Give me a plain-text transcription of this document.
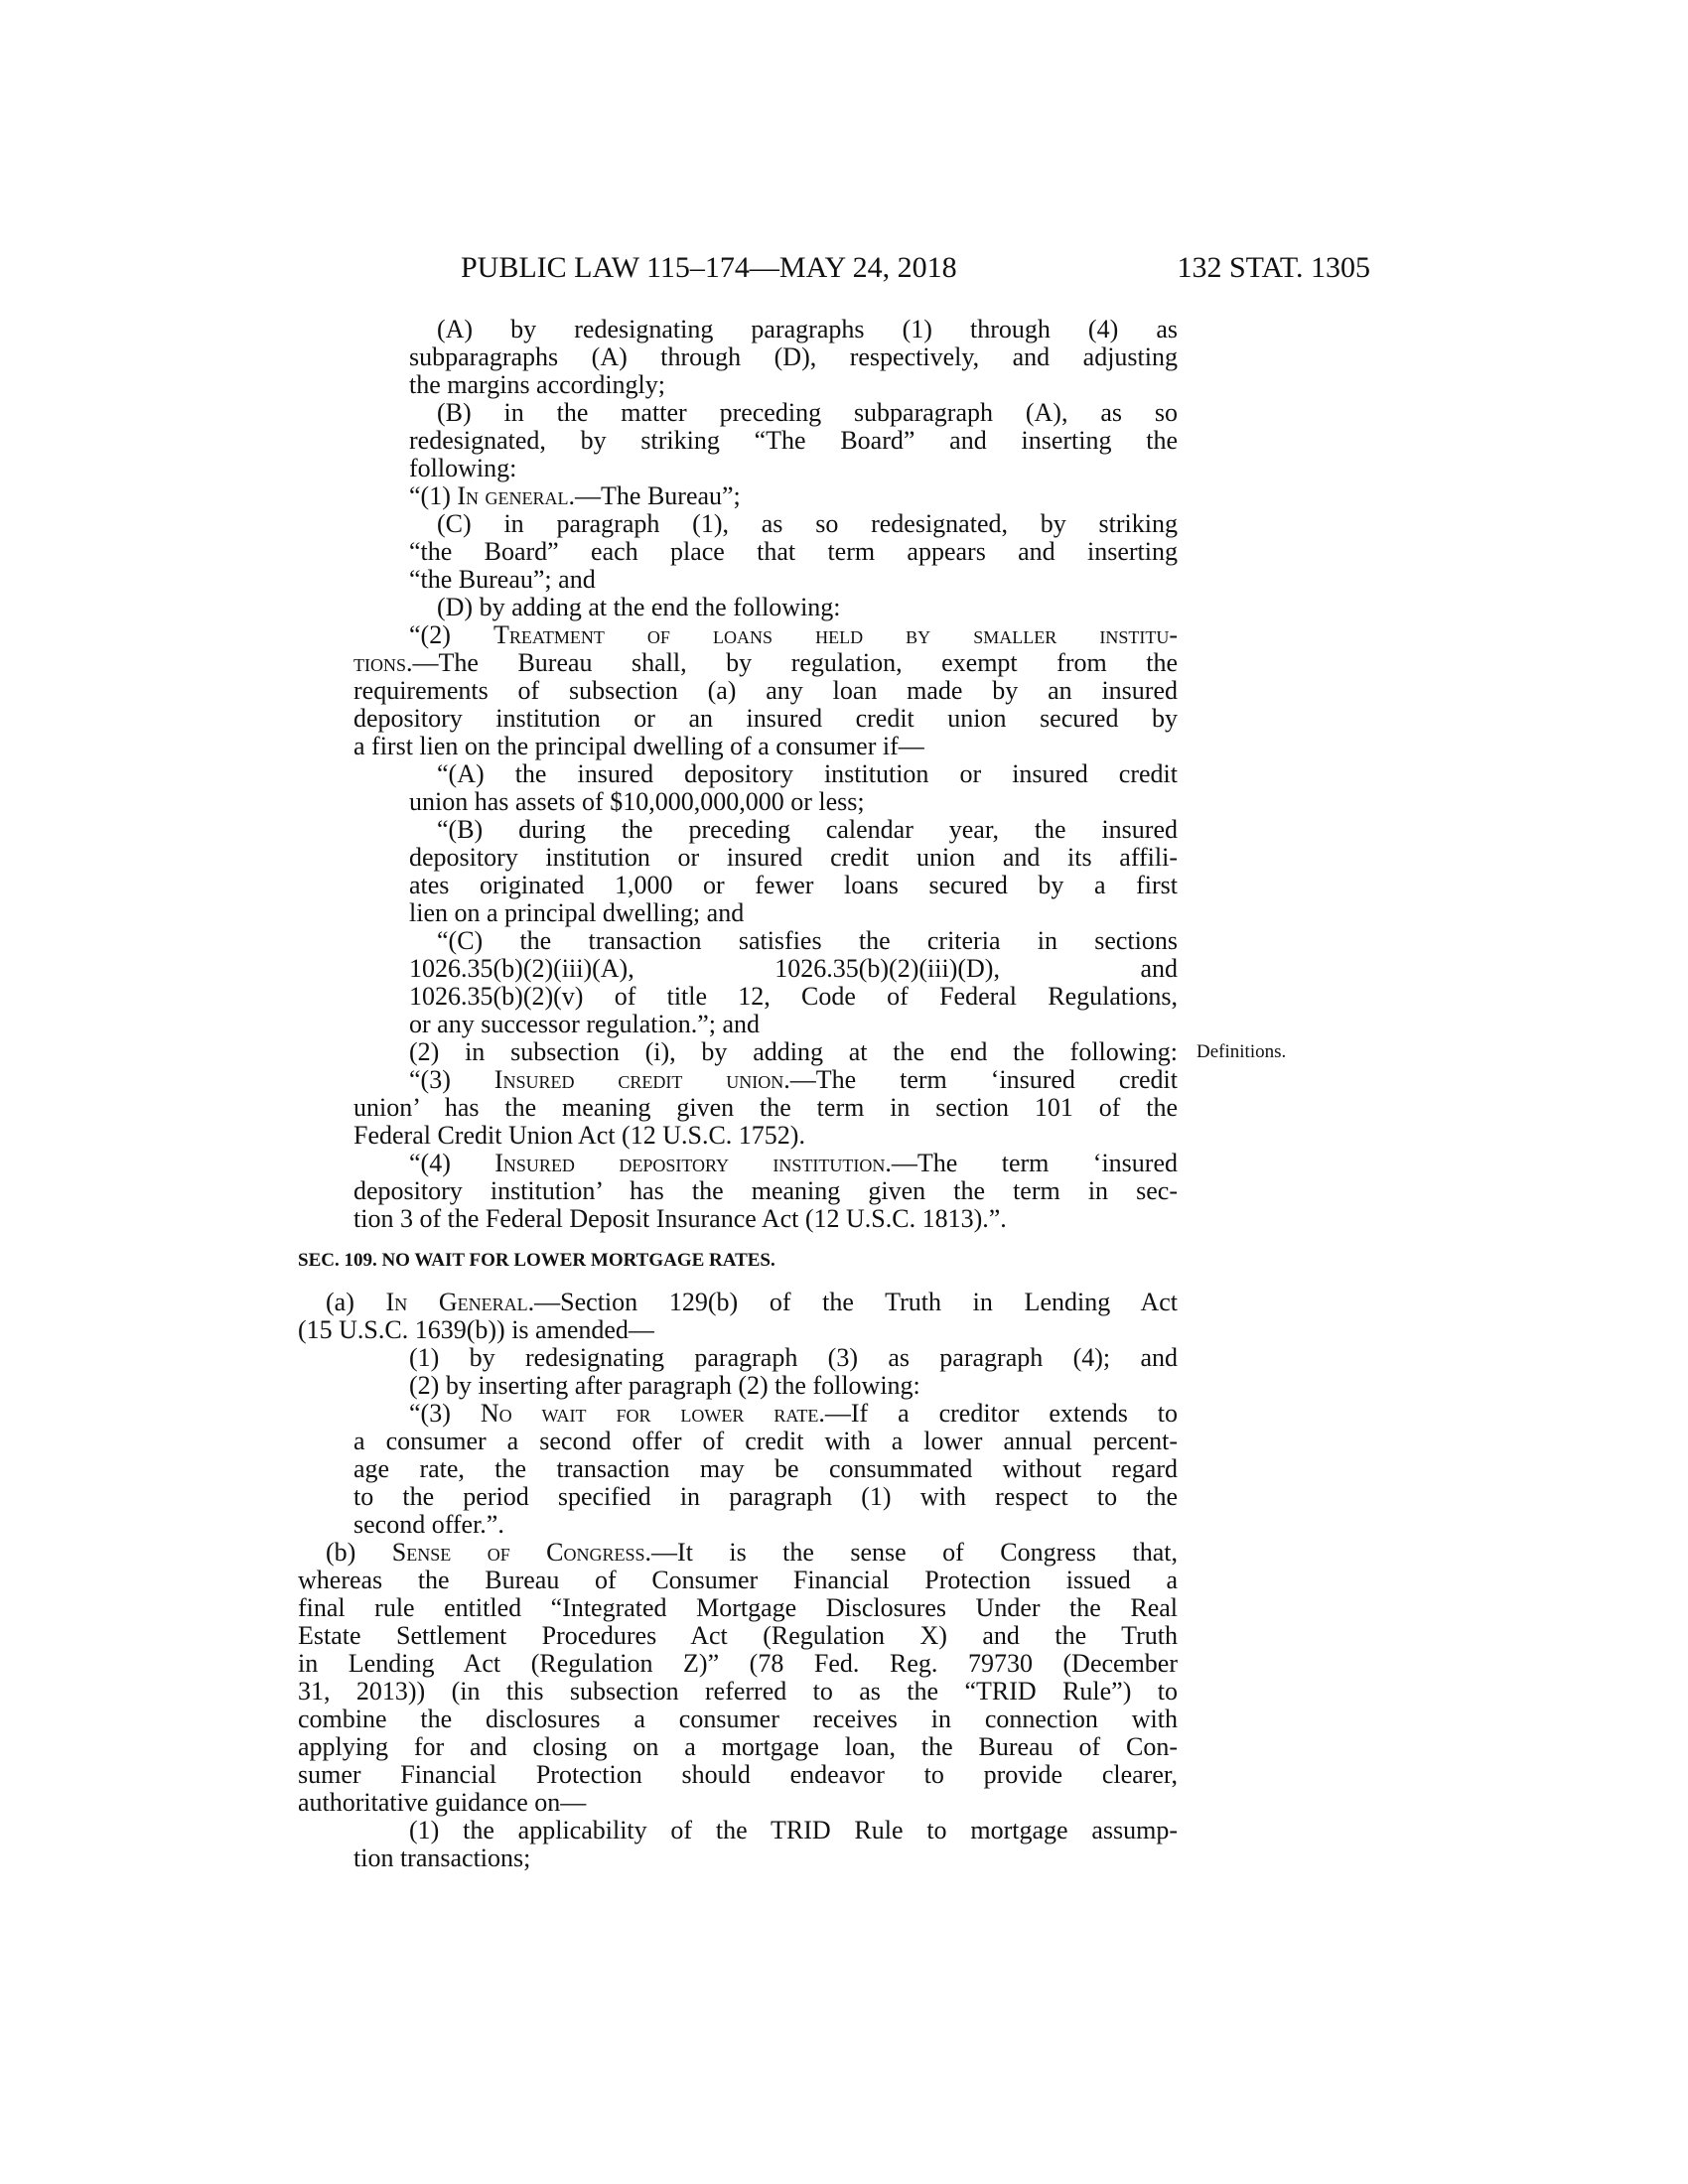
PUBLIC LAW 115–174—MAY 24, 2018	132 STAT. 1305
Definitions.
(A) by redesignating paragraphs (1) through (4) as
subparagraphs (A) through (D), respectively, and adjusting
the margins accordingly;
(B) in the matter preceding subparagraph (A), as so
redesignated, by striking “The Board” and inserting the
following:
“(1) In general.—The Bureau”;
(C) in paragraph (1), as so redesignated, by striking
“the Board” each place that term appears and inserting
“the Bureau”; and
(D) by adding at the end the following:
“(2) Treatment of loans held by smaller institu-
tions.—The Bureau shall, by regulation, exempt from the
requirements of subsection (a) any loan made by an insured
depository institution or an insured credit union secured by
a first lien on the principal dwelling of a consumer if—
“(A) the insured depository institution or insured credit
union has assets of $10,000,000,000 or less;
“(B) during the preceding calendar year, the insured
depository institution or insured credit union and its affili-
ates originated 1,000 or fewer loans secured by a first
lien on a principal dwelling; and
“(C) the transaction satisfies the criteria in sections
1026.35(b)(2)(iii)(A), 1026.35(b)(2)(iii)(D), and
1026.35(b)(2)(v) of title 12, Code of Federal Regulations,
or any successor regulation.”; and
(2) in subsection (i), by adding at the end the following:
“(3) Insured credit union.—The term ‘insured credit
union’ has the meaning given the term in section 101 of the
Federal Credit Union Act (12 U.S.C. 1752).
“(4) Insured depository institution.—The term ‘insured
depository institution’ has the meaning given the term in sec-
tion 3 of the Federal Deposit Insurance Act (12 U.S.C. 1813).”.
SEC. 109. NO WAIT FOR LOWER MORTGAGE RATES.
(a) In General.—Section 129(b) of the Truth in Lending Act
(15 U.S.C. 1639(b)) is amended—
(1) by redesignating paragraph (3) as paragraph (4); and
(2) by inserting after paragraph (2) the following:
“(3) No wait for lower rate.—If a creditor extends to
a consumer a second offer of credit with a lower annual percent-
age rate, the transaction may be consummated without regard
to the period specified in paragraph (1) with respect to the
second offer.”.
(b) Sense of Congress.—It is the sense of Congress that,
whereas the Bureau of Consumer Financial Protection issued a
final rule entitled “Integrated Mortgage Disclosures Under the Real
Estate Settlement Procedures Act (Regulation X) and the Truth
in Lending Act (Regulation Z)” (78 Fed. Reg. 79730 (December
31, 2013)) (in this subsection referred to as the “TRID Rule”) to
combine the disclosures a consumer receives in connection with
applying for and closing on a mortgage loan, the Bureau of Con-
sumer Financial Protection should endeavor to provide clearer,
authoritative guidance on—
(1) the applicability of the TRID Rule to mortgage assump-
tion transactions;
